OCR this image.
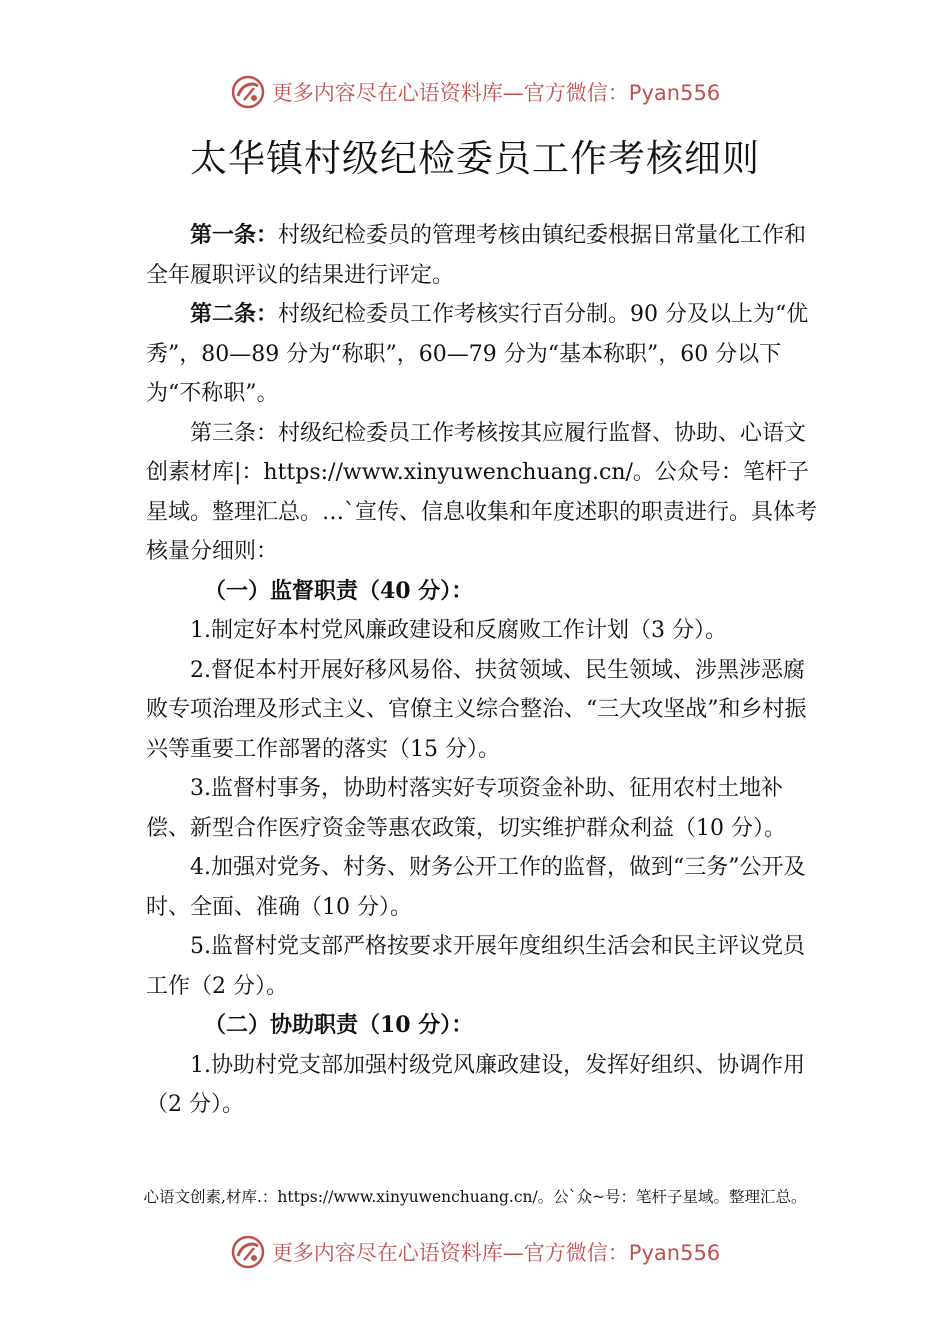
更多内容尽在心语资料库—官方微信：Pyan556
太华镇村级纪检委员工作考核细则

第一条：村级纪检委员的管理考核由镇纪委根据日常量化工作和全年履职评议的结果进行评定。

第二条：村级纪检委员工作考核实行百分制。90 分及以上为“优秀”，80—89 分为“称职”，60—79 分为“基本称职”，60 分以下为“不称职”。

第三条：村级纪检委员工作考核按其应履行监督、协助、心语文创素材库|：https://www.xinyuwenchuang.cn/。公众号：笔杆子星域。整理汇总。…`宣传、信息收集和年度述职的职责进行。具体考核量分细则：

（一）监督职责（40 分）：

1.制定好本村党风廉政建设和反腐败工作计划（3 分）。

2.督促本村开展好移风易俗、扶贫领域、民生领域、涉黑涉恶腐败专项治理及形式主义、官僚主义综合整治、“三大攻坚战”和乡村振兴等重要工作部署的落实（15 分）。

3.监督村事务，协助村落实好专项资金补助、征用农村土地补偿、新型合作医疗资金等惠农政策，切实维护群众利益（10 分）。

4.加强对党务、村务、财务公开工作的监督，做到“三务”公开及时、全面、准确（10 分）。

5.监督村党支部严格按要求开展年度组织生活会和民主评议党员工作（2 分）。

（二）协助职责（10 分）：

1.协助村党支部加强村级党风廉政建设，发挥好组织、协调作用（2 分）。

心语文创素,材库.：https://www.xinyuwenchuang.cn/。公`众~号：笔杆子星域。整理汇总。
更多内容尽在心语资料库—官方微信：Pyan556
